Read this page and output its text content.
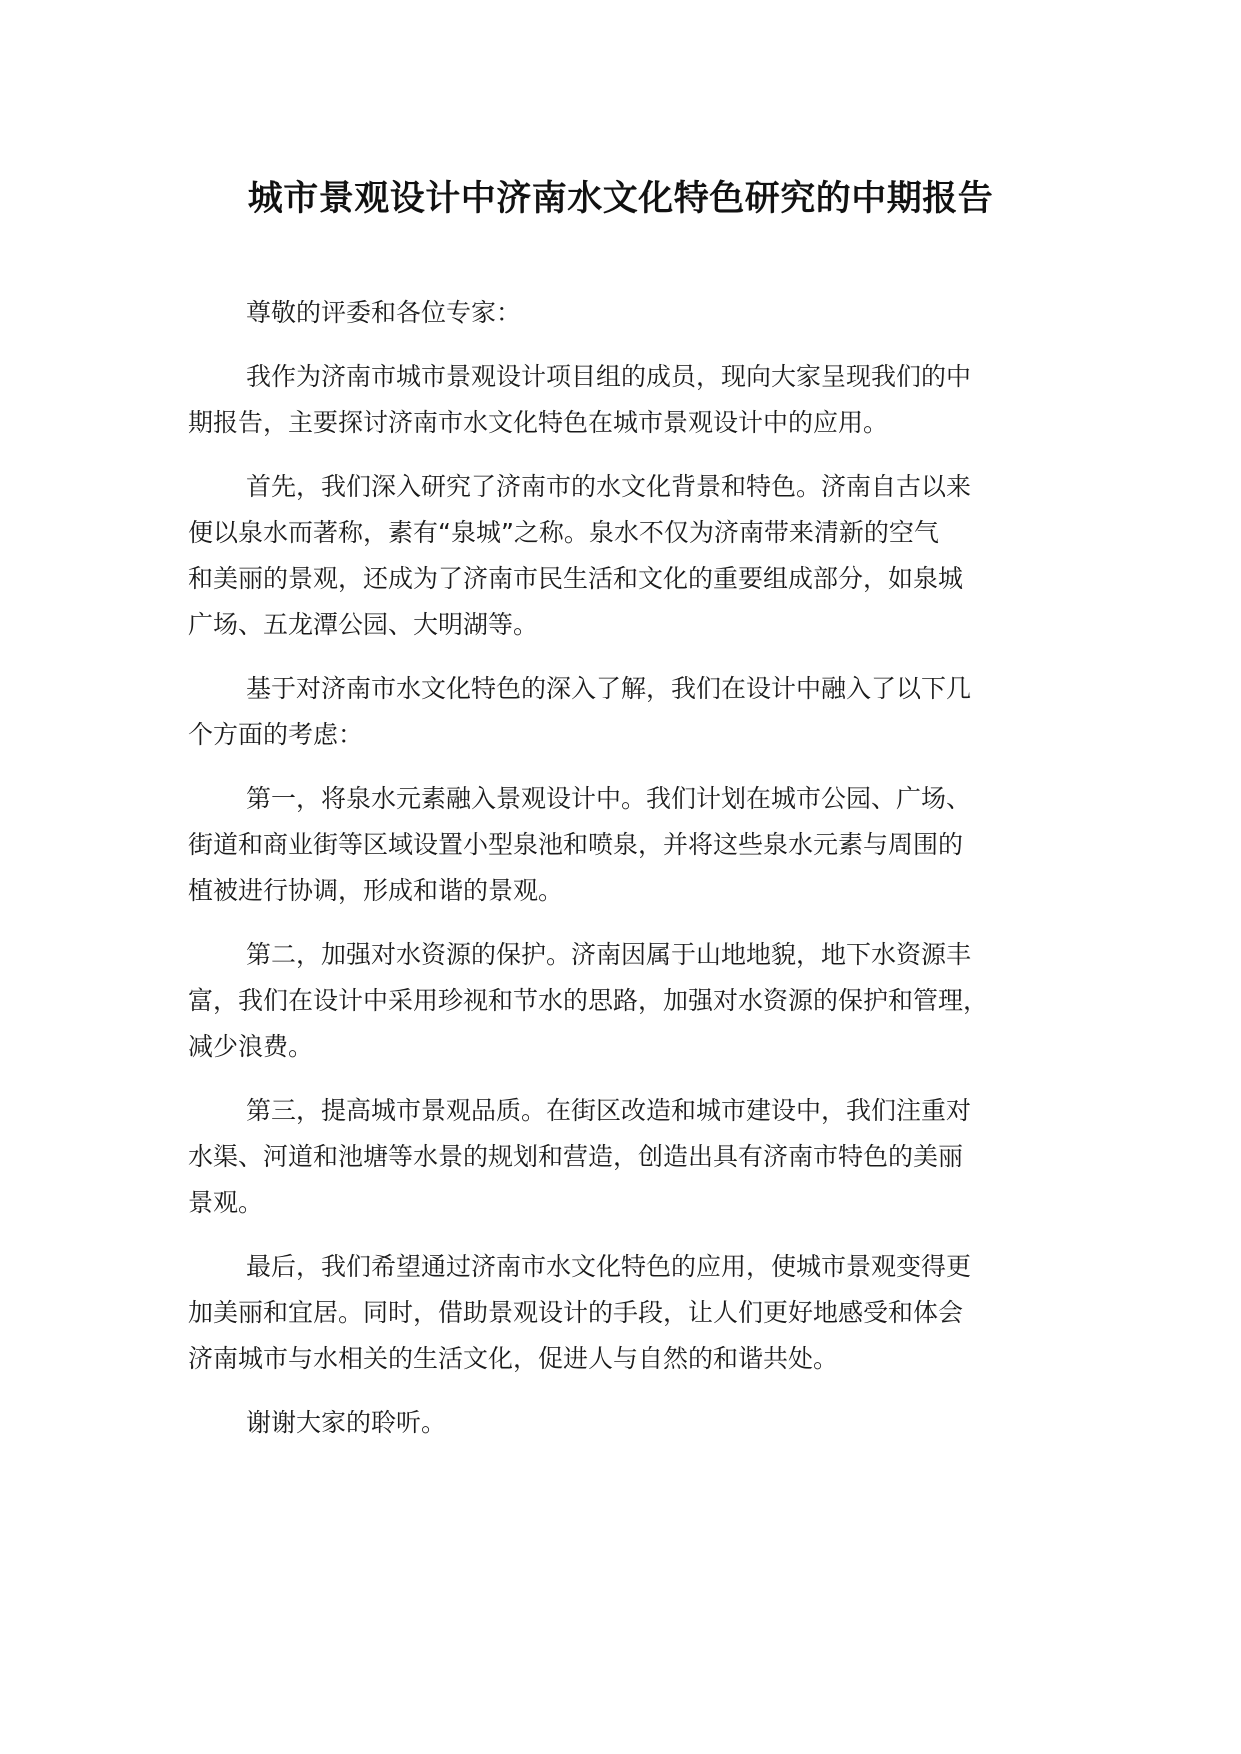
城市景观设计中济南水文化特色研究的中期报告

尊敬的评委和各位专家：

我作为济南市城市景观设计项目组的成员，现向大家呈现我们的中
期报告，主要探讨济南市水文化特色在城市景观设计中的应用。

首先，我们深入研究了济南市的水文化背景和特色。济南自古以来
便以泉水而著称，素有“泉城”之称。泉水不仅为济南带来清新的空气
和美丽的景观，还成为了济南市民生活和文化的重要组成部分，如泉城
广场、五龙潭公园、大明湖等。

基于对济南市水文化特色的深入了解，我们在设计中融入了以下几
个方面的考虑：

第一，将泉水元素融入景观设计中。我们计划在城市公园、广场、
街道和商业街等区域设置小型泉池和喷泉，并将这些泉水元素与周围的
植被进行协调，形成和谐的景观。

第二，加强对水资源的保护。济南因属于山地地貌，地下水资源丰
富，我们在设计中采用珍视和节水的思路，加强对水资源的保护和管理，
减少浪费。

第三，提高城市景观品质。在街区改造和城市建设中，我们注重对
水渠、河道和池塘等水景的规划和营造，创造出具有济南市特色的美丽
景观。

最后，我们希望通过济南市水文化特色的应用，使城市景观变得更
加美丽和宜居。同时，借助景观设计的手段，让人们更好地感受和体会
济南城市与水相关的生活文化，促进人与自然的和谐共处。

谢谢大家的聆听。
